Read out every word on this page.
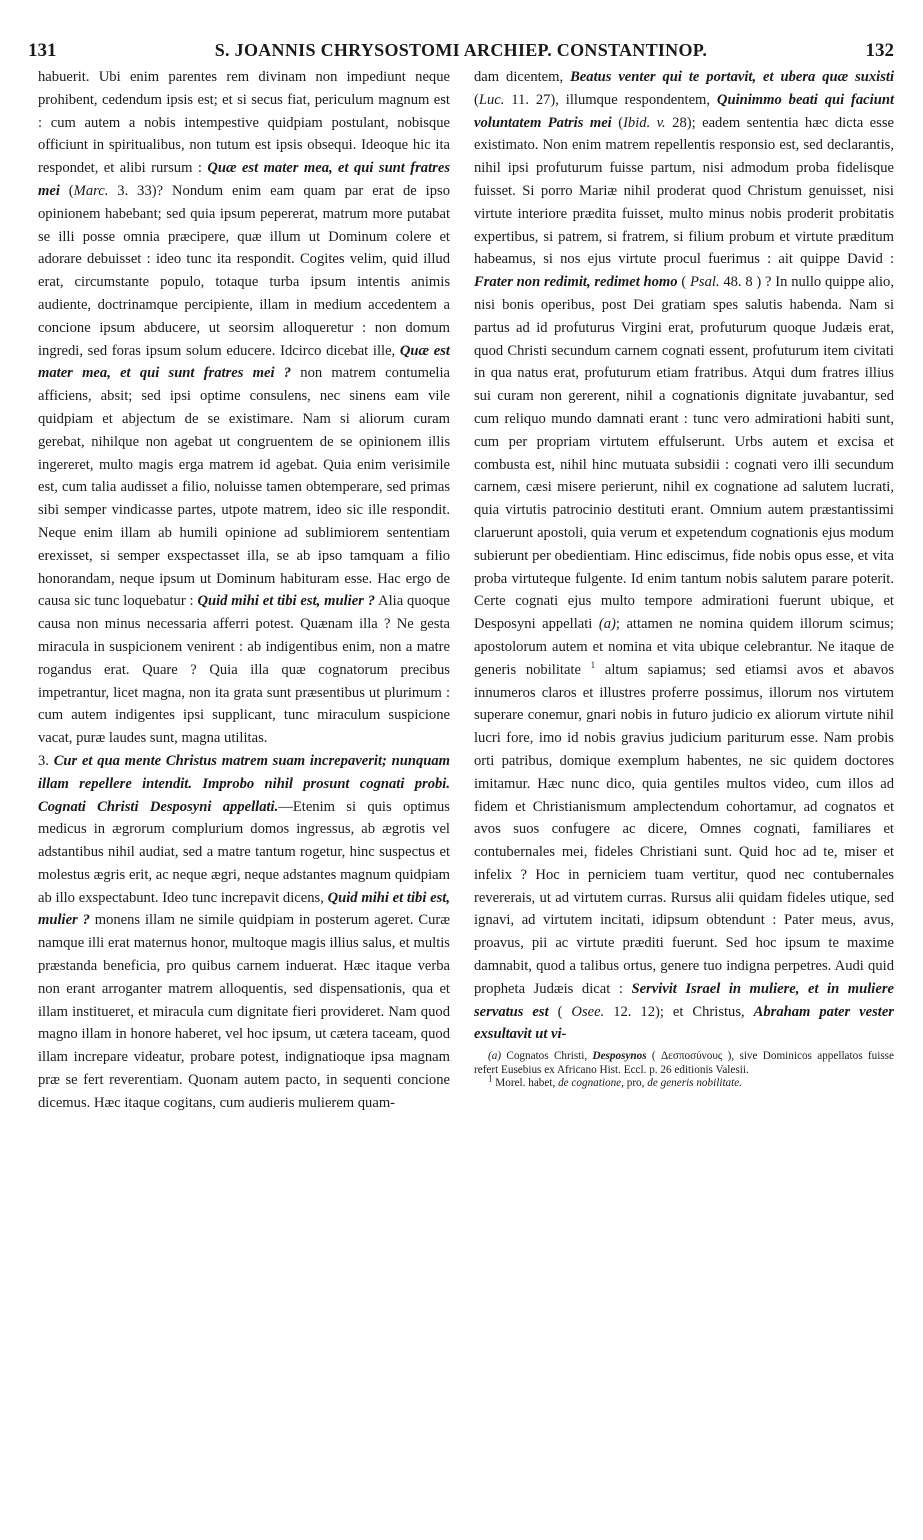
131	S. JOANNIS CHRYSOSTOMI ARCHIEP. CONSTANTINOP.	132

habuerit. Ubi enim parentes rem divinam non impediunt neque prohibent, cedendum ipsis est; et si secus fiat, periculum magnum est : cum autem a nobis intempestive quidpiam postulant, nobisque officiunt in spiritualibus, non tutum est ipsis obsequi. Ideoque hic ita respondet, et alibi rursum : Quæ est mater mea, et qui sunt fratres mei (Marc. 3. 33)? Nondum enim eam quam par erat de ipso opinionem habebant; sed quia ipsum pepererat, matrum more putabat se illi posse omnia præcipere, quæ illum ut Dominum colere et adorare debuisset : ideo tunc ita respondit. Cogites velim, quid illud erat, circumstante populo, totaque turba ipsum intentis animis audiente, doctrinamque percipiente, illam in medium accedentem a concione ipsum abducere, ut seorsim alloqueretur : non domum ingredi, sed foras ipsum solum educere. Idcirco dicebat ille, Quæ est mater mea, et qui sunt fratres mei ? non matrem contumelia afficiens, absit; sed ipsi optime consulens, nec sinens eam vile quidpiam et abjectum de se existimare. Nam si aliorum curam gerebat, nihilque non agebat ut congruentem de se opinionem illis ingereret, multo magis erga matrem id agebat. Quia enim verisimile est, cum talia audisset a filio, noluisse tamen obtemperare, sed primas sibi semper vindicasse partes, utpote matrem, ideo sic ille respondit. Neque enim illam ab humili opinione ad sublimiorem sententiam erexisset, si semper exspectasset illa, se ab ipso tamquam a filio honorandam, neque ipsum ut Dominum habituram esse. Hac ergo de causa sic tunc loquebatur : Quid mihi et tibi est, mulier ? Alia quoque causa non minus necessaria afferri potest. Quænam illa ? Ne gesta miracula in suspicionem venirent : ab indigentibus enim, non a matre rogandus erat. Quare ? Quia illa quæ cognatorum precibus impetrantur, licet magna, non ita grata sunt præsentibus ut plurimum : cum autem indigentes ipsi supplicant, tunc miraculum suspicione vacat, puræ laudes sunt, magna utilitas.

3. Cur et qua mente Christus matrem suam increpaverit; nunquam illam repellere intendit. Improbo nihil prosunt cognati probi. Cognati Christi Desposyni appellati.—Etenim si quis optimus medicus in ægrorum complurium domos ingressus, ab ægrotis vel adstantibus nihil audiat, sed a matre tantum rogetur, hinc suspectus et molestus ægris erit, ac neque ægri, neque adstantes magnum quidpiam ab illo exspectabunt. Ideo tunc increpavit dicens, Quid mihi et tibi est, mulier ? monens illam ne simile quidpiam in posterum ageret. Curæ namque illi erat maternus honor, multoque magis illius salus, et multis præstanda beneficia, pro quibus carnem induerat. Hæc itaque verba non erant arroganter matrem alloquentis, sed dispensationis, qua et illam institueret, et miracula cum dignitate fieri provideret. Nam quod magno illam in honore haberet, vel hoc ipsum, ut cætera taceam, quod illam increpare videatur, probare potest, indignatioque ipsa magnam præ se fert reverentiam. Quonam autem pacto, in sequenti concione dicemus. Hæc itaque cogitans, cum audieris mulierem quam-

dam dicentem, Beatus venter qui te portavit, et ubera quæ suxisti (Luc. 11. 27), illumque respondentem, Quinimmo beati qui faciunt voluntatem Patris mei (Ibid. v. 28); eadem sententia hæc dicta esse existimato. Non enim matrem repellentis responsio est, sed declarantis, nihil ipsi profuturum fuisse partum, nisi admodum proba fidelisque fuisset. Si porro Mariæ nihil proderat quod Christum genuisset, nisi virtute interiore prædita fuisset, multo minus nobis proderit probitatis expertibus, si patrem, si fratrem, si filium probum et virtute præditum habeamus, si nos ejus virtute procul fuerimus : ait quippe David : Frater non redimit, redimet homo ( Psal. 48. 8 ) ? In nullo quippe alio, nisi bonis operibus, post Dei gratiam spes salutis habenda. Nam si partus ad id profuturus Virgini erat, profuturum quoque Judæis erat, quod Christi secundum carnem cognati essent, profuturum item civitati in qua natus erat, profuturum etiam fratribus. Atqui dum fratres illius sui curam non gererent, nihil a cognationis dignitate juvabantur, sed cum reliquo mundo damnati erant : tunc vero admirationi habiti sunt, cum per propriam virtutem effulserunt. Urbs autem et excisa et combusta est, nihil hinc mutuata subsidii : cognati vero illi secundum carnem, cæsi misere perierunt, nihil ex cognatione ad salutem lucrati, quia virtutis patrocinio destituti erant. Omnium autem præstantissimi claruerunt apostoli, quia verum et expetendum cognationis ejus modum subierunt per obedientiam. Hinc ediscimus, fide nobis opus esse, et vita proba virtuteque fulgente. Id enim tantum nobis salutem parare poterit. Certe cognati ejus multo tempore admirationi fuerunt ubique, et Desposyni appellati (a); attamen ne nomina quidem illorum scimus; apostolorum autem et nomina et vita ubique celebrantur. Ne itaque de generis nobilitate $^1$ altum sapiamus; sed etiamsi avos et abavos innumeros claros et illustres proferre possimus, illorum nos virtutem superare conemur, gnari nobis in futuro judicio ex aliorum virtute nihil lucri fore, imo id nobis gravius judicium pariturum esse. Nam probis orti patribus, domique exemplum habentes, ne sic quidem doctores imitamur. Hæc nunc dico, quia gentiles multos video, cum illos ad fidem et Christianismum amplectendum cohortamur, ad cognatos et avos suos confugere ac dicere, Omnes cognati, familiares et contubernales mei, fideles Christiani sunt. Quid hoc ad te, miser et infelix ? Hoc in perniciem tuam vertitur, quod nec contubernales revererais, ut ad virtutem curras. Rursus alii quidam fideles utique, sed ignavi, ad virtutem incitati, idipsum obtendunt : Pater meus, avus, proavus, pii ac virtute præditi fuerunt. Sed hoc ipsum te maxime damnabit, quod a talibus ortus, genere tuo indigna perpetres. Audi quid propheta Judæis dicat : Servivit Israel in muliere, et in muliere servatus est ( Osee. 12. 12); et Christus, Abraham pater vester exsultavit ut vi-

(a) Cognatos Christi, Desposynos ( Δεσποσύνους ), sive Dominicos appellatos fuisse refert Eusebius ex Africano Hist. Eccl. p. 26 editionis Valesii.

$^1$ Morel. habet, de cognatione, pro, de generis nobilitate.
